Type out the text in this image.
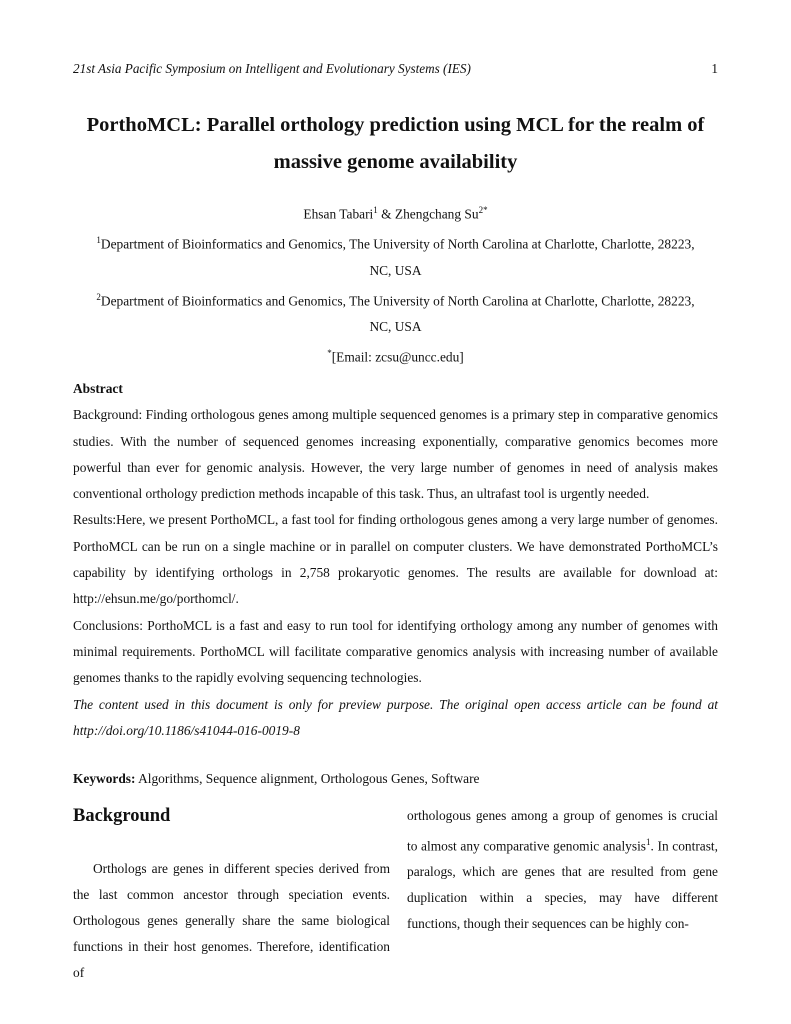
21st Asia Pacific Symposium on Intelligent and Evolutionary Systems (IES)	1
PorthoMCL: Parallel orthology prediction using MCL for the realm of
massive genome availability
Ehsan Tabari$^1$ & Zhengchang $Su^{2*}$
$^1$Department of Bioinformatics and Genomics, The University of North Carolina at Charlotte, Charlotte, 28223,
NC, USA
$^2$Department of Bioinformatics and Genomics, The University of North Carolina at Charlotte, Charlotte, 28223,
NC, USA
*[Email: zcsu@uncc.edu]

Abstract

Background: Finding orthologous genes among multiple sequenced genomes is a primary step in comparative genomics studies. With the number of sequenced genomes increasing exponentially, comparative genomics becomes more powerful than ever for genomic analysis. However, the very large number of genomes in need of analysis makes conventional orthology prediction methods incapable of this task. Thus, an ultrafast tool is urgently needed.

Results:Here, we present PorthoMCL, a fast tool for finding orthologous genes among a very large number of genomes. PorthoMCL can be run on a single machine or in parallel on computer clusters. We have demonstrated PorthoMCL’s capability by identifying orthologs in 2,758 prokaryotic genomes. The results are available for download at: http://ehsun.me/go/porthomcl/.

Conclusions: PorthoMCL is a fast and easy to run tool for identifying orthology among any number of genomes with minimal requirements. PorthoMCL will facilitate comparative genomics analysis with increasing number of available genomes thanks to the rapidly evolving sequencing technologies.

The content used in this document is only for preview purpose. The original open access article can be found at http://doi.org/10.1186/s41044-016-0019-8

Keywords: Algorithms, Sequence alignment, Orthologous Genes, Software
Background

Orthologs are genes in different species derived from the last common ancestor through speciation events. Orthologous genes generally share the same biological functions in their host genomes. Therefore, identification of

orthologous genes among a group of genomes is crucial to almost any comparative genomic analysis$^1$. In contrast, paralogs, which are genes that are resulted from gene duplication within a species, may have different functions, though their sequences can be highly con-
